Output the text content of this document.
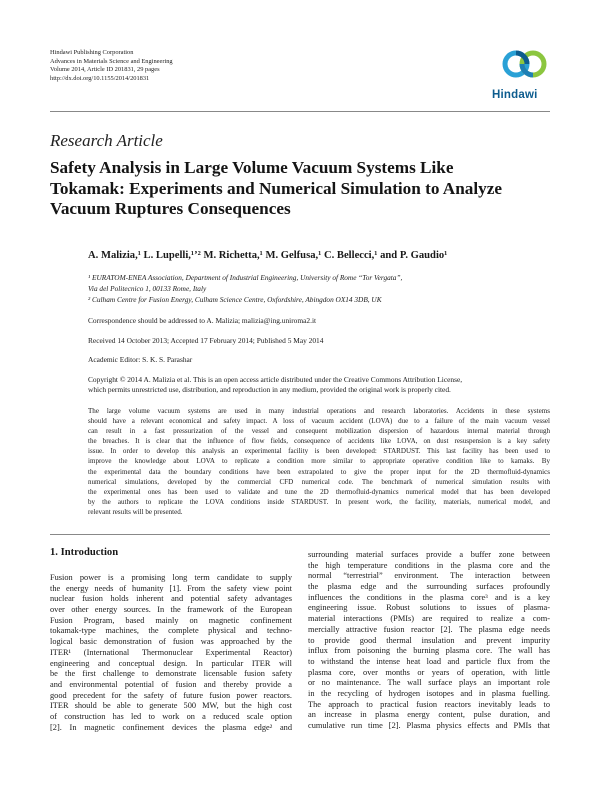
Hindawi Publishing Corporation
Advances in Materials Science and Engineering
Volume 2014, Article ID 201831, 29 pages
http://dx.doi.org/10.1155/2014/201831
Hindawi
Research Article
Safety Analysis in Large Volume Vacuum Systems Like
Tokamak: Experiments and Numerical Simulation to Analyze
Vacuum Ruptures Consequences
A. Malizia,¹ L. Lupelli,¹ʼ² M. Richetta,¹ M. Gelfusa,¹ C. Bellecci,¹ and P. Gaudio¹
¹ EURATOM-ENEA Association, Department of Industrial Engineering, University of Rome “Tor Vergata”,
Via del Politecnico 1, 00133 Rome, Italy
² Culham Centre for Fusion Energy, Culham Science Centre, Oxfordshire, Abingdon OX14 3DB, UK
Correspondence should be addressed to A. Malizia; malizia@ing.uniroma2.it
Received 14 October 2013; Accepted 17 February 2014; Published 5 May 2014
Academic Editor: S. K. S. Parashar
Copyright © 2014 A. Malizia et al. This is an open access article distributed under the Creative Commons Attribution License,
which permits unrestricted use, distribution, and reproduction in any medium, provided the original work is properly cited.
The large volume vacuum systems are used in many industrial operations and research laboratories. Accidents in these systems
should have a relevant economical and safety impact. A loss of vacuum accident (LOVA) due to a failure of the main vacuum vessel
can result in a fast pressurization of the vessel and consequent mobilization dispersion of hazardous internal material through
the breaches. It is clear that the influence of flow fields, consequence of accidents like LOVA, on dust resuspension is a key safety
issue. In order to develop this analysis an experimental facility is been developed: STARDUST. This last facility has been used to
improve the knowledge about LOVA to replicate a condition more similar to appropriate operative condition like to kamaks. By
the experimental data the boundary conditions have been extrapolated to give the proper input for the 2D thermofluid-dynamics
numerical simulations, developed by the commercial CFD numerical code. The benchmark of numerical simulation results with
the experimental ones has been used to validate and tune the 2D thermofluid-dynamics numerical model that has been developed
by the authors to replicate the LOVA conditions inside STARDUST. In present work, the facility, materials, numerical model, and
relevant results will be presented.
1. Introduction
Fusion power is a promising long term candidate to supply
the energy needs of humanity [1]. From the safety view point
nuclear fusion holds inherent and potential safety advantages
over other energy sources. In the framework of the European
Fusion Program, based mainly on magnetic confinement
tokamak-type machines, the complete physical and techno-
logical basic demonstration of fusion was approached by the
ITER¹ (International Thermonuclear Experimental Reactor)
engineering and conceptual design. In particular ITER will
be the first challenge to demonstrate licensable fusion safety
and environmental potential of fusion and thereby provide a
good precedent for the safety of future fusion power reactors.
ITER should be able to generate 500 MW, but the high cost
of construction has led to work on a reduced scale option
[2]. In magnetic confinement devices the plasma edge² and
surrounding material surfaces provide a buffer zone between
the high temperature conditions in the plasma core and the
normal “terrestrial” environment. The interaction between
the plasma edge and the surrounding surfaces profoundly
influences the conditions in the plasma core³ and is a key
engineering issue. Robust solutions to issues of plasma-
material interactions (PMIs) are required to realize a com-
mercially attractive fusion reactor [2]. The plasma edge needs
to provide good thermal insulation and prevent impurity
influx from poisoning the burning plasma core. The wall has
to withstand the intense heat load and particle flux from the
plasma core, over months or years of operation, with little
or no maintenance. The wall surface plays an important role
in the recycling of hydrogen isotopes and in plasma fuelling.
The approach to practical fusion reactors inevitably leads to
an increase in plasma energy content, pulse duration, and
cumulative run time [2]. Plasma physics effects and PMIs that
